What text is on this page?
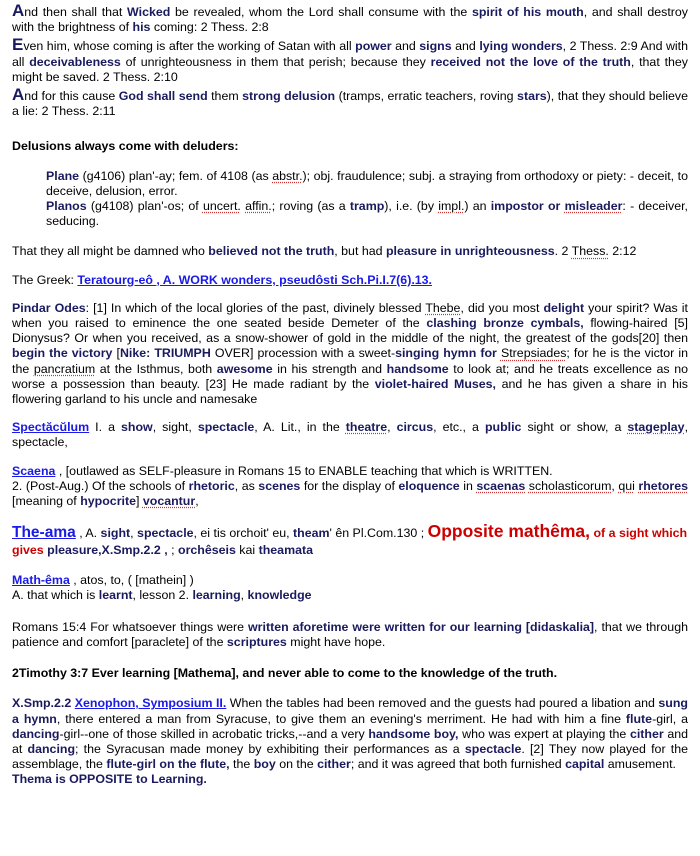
And then shall that Wicked be revealed, whom the Lord shall consume with the spirit of his mouth, and shall destroy with the brightness of his coming: 2 Thess. 2:8

Even him, whose coming is after the working of Satan with all power and signs and lying wonders, 2 Thess. 2:9 And with all deceivableness of unrighteousness in them that perish; because they received not the love of the truth, that they might be saved. 2 Thess. 2:10

And for this cause God shall send them strong delusion (tramps, erratic teachers, roving stars), that they should believe a lie: 2 Thess. 2:11

Delusions always come with deluders:

Plane (g4106) plan'-ay; fem. of 4108 (as abstr.); obj. fraudulence; subj. a straying from orthodoxy or piety: - deceit, to deceive, delusion, error.

Planos (g4108) plan'-os; of uncert. affin.; roving (as a tramp), i.e. (by impl.) an impostor or misleader: - deceiver, seducing.

That they all might be damned who believed not the truth, but had pleasure in unrighteousness. 2 Thess. 2:12

The Greek: Teratourg-eô , A. WORK wonders, pseudôsti Sch.Pi.I.7(6).13.

Pindar Odes: [1] In which of the local glories of the past, divinely blessed Thebe, did you most delight your spirit? Was it when you raised to eminence the one seated beside Demeter of the clashing bronze cymbals, flowing-haired [5] Dionysus? Or when you received, as a snow-shower of gold in the middle of the night, the greatest of the gods[20] then begin the victory [Nike: TRIUMPH OVER] procession with a sweet-singing hymn for Strepsiades; for he is the victor in the pancratium at the Isthmus, both awesome in his strength and handsome to look at; and he treats excellence as no worse a possession than beauty. [23] He made radiant by the violet-haired Muses, and he has given a share in his flowering garland to his uncle and namesake

Spectăcŭlum I. a show, sight, spectacle, A. Lit., in the theatre, circus, etc., a public sight or show, a stageplay, spectacle,

Scaena , [outlawed as SELF-pleasure in Romans 15 to ENABLE teaching that which is WRITTEN.

2. (Post-Aug.) Of the schools of rhetoric, as scenes for the display of eloquence in scaenas scholasticorum, qui rhetores [meaning of hypocrite] vocantur,

The-ama , A. sight, spectacle, ei tis orchoit' eu, theam' ên Pl.Com.130 ; Opposite mathêma, of a sight which gives pleasure,X.Smp.2.2 , ; orchêseis kai theamata

Math-êma , atos, to, ( [mathein] )

A. that which is learnt, lesson 2. learning, knowledge

Romans 15:4 For whatsoever things were written aforetime were written for our learning [didaskalia], that we through patience and comfort [paraclete] of the scriptures might have hope.

2Timothy 3:7 Ever learning [Mathema], and never able to come to the knowledge of the truth.

X.Smp.2.2 Xenophon, Symposium II. When the tables had been removed and the guests had poured a libation and sung a hymn, there entered a man from Syracuse, to give them an evening's merriment. He had with him a fine flute-girl, a dancing-girl--one of those skilled in acrobatic tricks,--and a very handsome boy, who was expert at playing the cither and at dancing; the Syracusan made money by exhibiting their performances as a spectacle. [2] They now played for the assemblage, the flute-girl on the flute, the boy on the cither; and it was agreed that both furnished capital amusement.

Thema is OPPOSITE to Learning.
